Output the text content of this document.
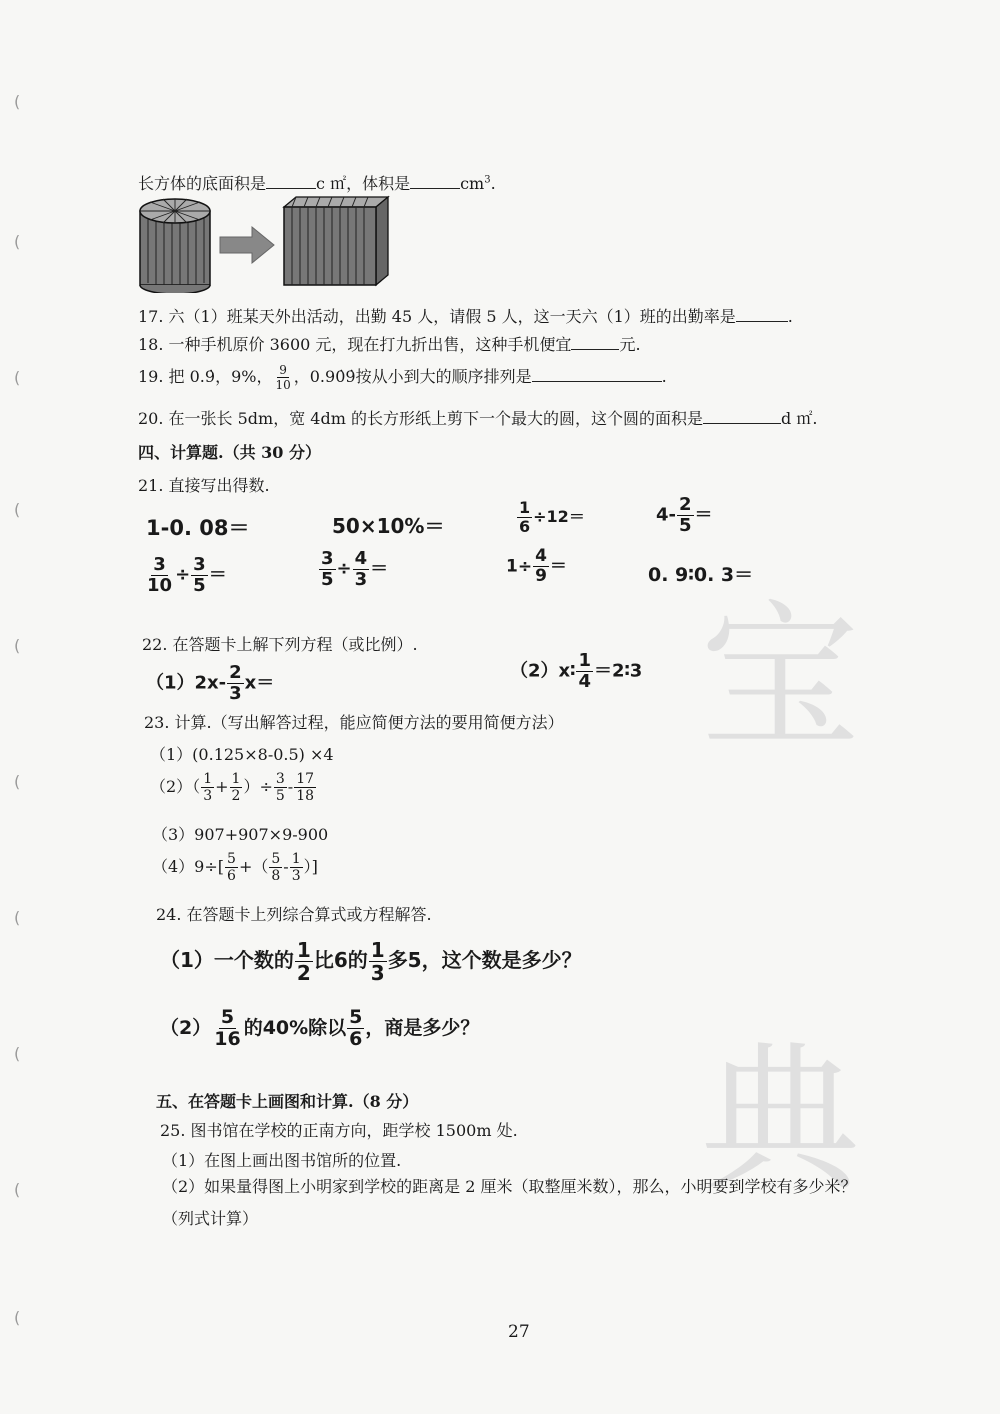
宝
典
(
(
(
(
(
(
(
(
(
(
长方体的底面积是	c ㎡，体积是	$cm^3$.
17. 六（1）班某天外出活动，出勤 45 人，请假 5 人，这一天六（1）班的出勤率是	.
18. 一种手机原价 3600 元，现在打九折出售，这种手机便宜	元.
19. 把 0.9̇，9%， $\frac{9}{10}$ ，0.90̇9̇按从小到大的顺序排列是	.
20. 在一张长 5dm，宽 4dm 的长方形纸上剪下一个最大的圆，这个圆的面积是	d ㎡.
四、计算题.（共 30 分）
21. 直接写出得数.
1-0. 08＝	50×10%＝	$\frac{1}{6} \div 12=$	$4- \frac{2}{5}$ ＝
$\frac{3}{10} \div \frac{3}{5}$ ＝	$\frac{3}{5} \div \frac{4}{3}$ ＝	$1\div \frac{4}{9}$ ＝	0. 9∶0. 3＝
22. 在答题卡上解下列方程（或比例）.
$(1)2x- \frac{2}{3} x=$
（2）x∶ $\frac{1}{4}$ ＝2∶3
23. 计算.（写出解答过程，能应简便方法的要用简便方法）
（1）(0.125×8-0.5) ×4
$(2)( \frac{1}{3} + \frac{1}{2}$ ）÷ $\frac{3}{5} - \frac{17}{18}$
（3）907+907×9-900
$(4)9\div[ \frac{5}{6}$ +（ $\frac{5}{8} - \frac{1}{3}$ ）]
24. 在答题卡上列综合算式或方程解答.
（1）一个数的 $\frac{1}{2}$ 比6的 $\frac{1}{3}$ 多5，这个数是多少？
$(2) \frac{5}{16}$ 的40%除以 $\frac{5}{6}$ ，商是多少？
五、在答题卡上画图和计算.（8 分）
25. 图书馆在学校的正南方向，距学校 1500m 处.
（1）在图上画出图书馆所的位置.
（2）如果量得图上小明家到学校的距离是 2 厘米（取整厘米数），那么，小明要到学校有多少米？
（列式计算）
27
